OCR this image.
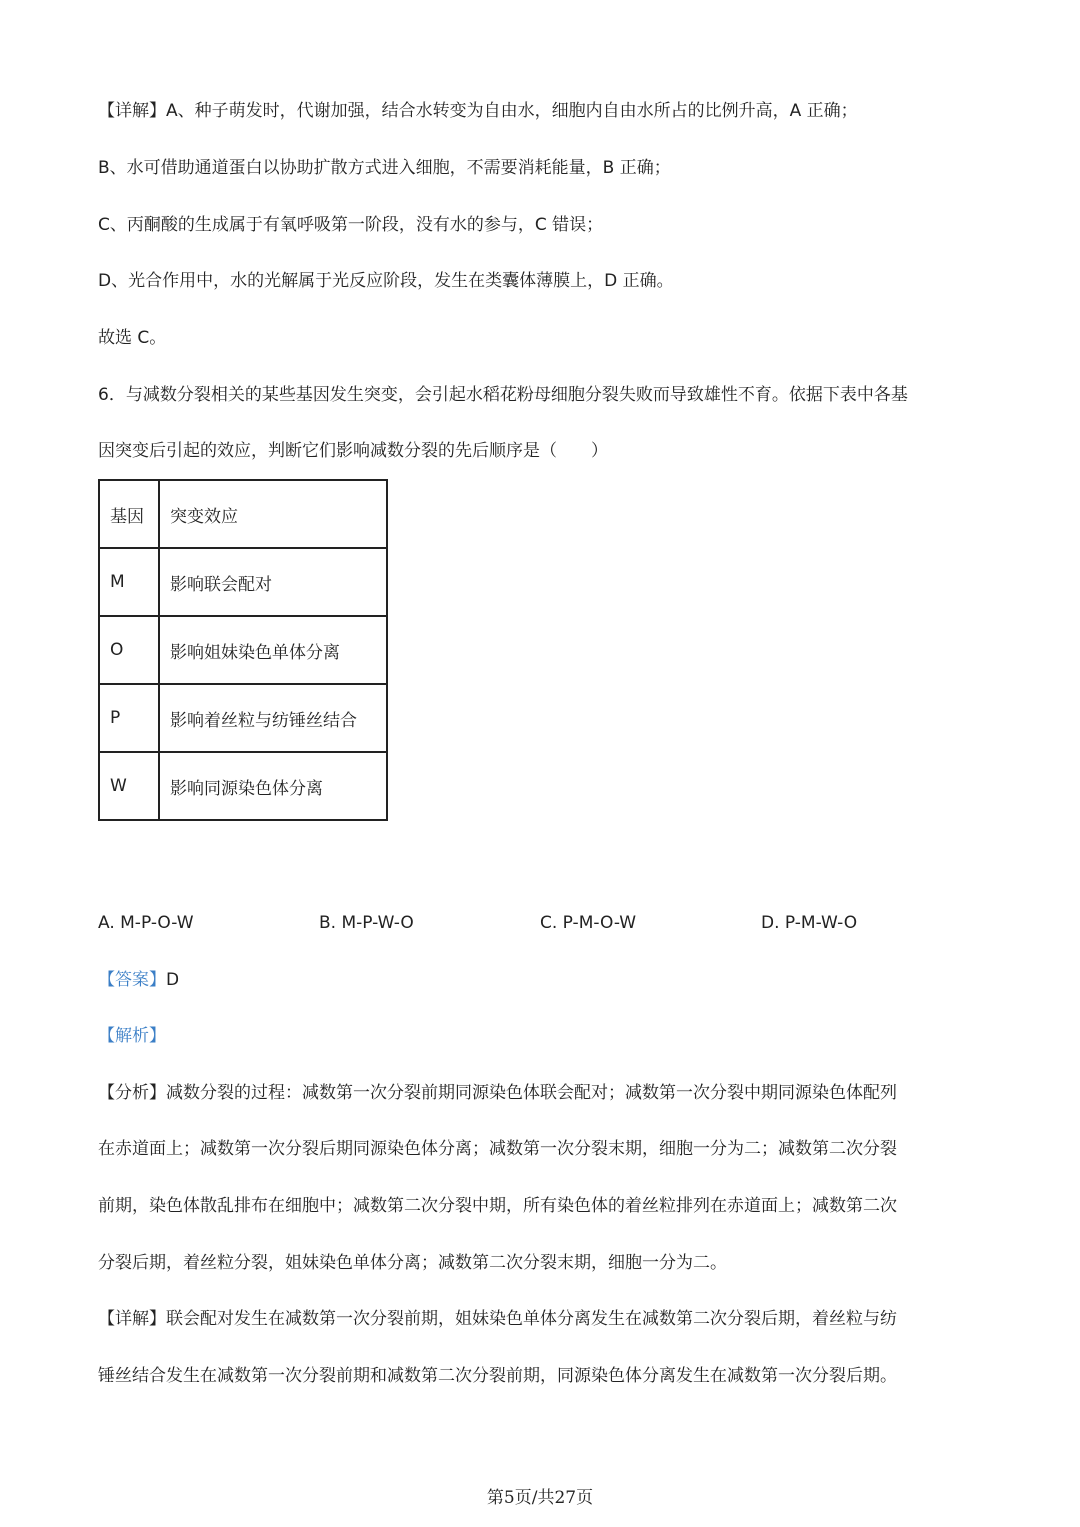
【详解】A、种子萌发时，代谢加强，结合水转变为自由水，细胞内自由水所占的比例升高，A 正确；
B、水可借助通道蛋白以协助扩散方式进入细胞，不需要消耗能量，B 正确；
C、丙酮酸的生成属于有氧呼吸第一阶段，没有水的参与，C 错误；
D、光合作用中，水的光解属于光反应阶段，发生在类囊体薄膜上，D 正确。
故选 C。
6．与减数分裂相关的某些基因发生突变，会引起水稻花粉母细胞分裂失败而导致雄性不育。依据下表中各基
因突变后引起的效应，判断它们影响减数分裂的先后顺序是（　　）
基因	突变效应
M	影响联会配对
O	影响姐妹染色单体分离
P	影响着丝粒与纺锤丝结合
W	影响同源染色体分离
A. M-P-O-W	B. M-P-W-O	C. P-M-O-W	D. P-M-W-O
【答案】D
【解析】
【分析】减数分裂的过程：减数第一次分裂前期同源染色体联会配对；减数第一次分裂中期同源染色体配列
在赤道面上；减数第一次分裂后期同源染色体分离；减数第一次分裂末期，细胞一分为二；减数第二次分裂
前期，染色体散乱排布在细胞中；减数第二次分裂中期，所有染色体的着丝粒排列在赤道面上；减数第二次
分裂后期，着丝粒分裂，姐妹染色单体分离；减数第二次分裂末期，细胞一分为二。
【详解】联会配对发生在减数第一次分裂前期，姐妹染色单体分离发生在减数第二次分裂后期，着丝粒与纺
锤丝结合发生在减数第一次分裂前期和减数第二次分裂前期，同源染色体分离发生在减数第一次分裂后期。
第5页/共27页
